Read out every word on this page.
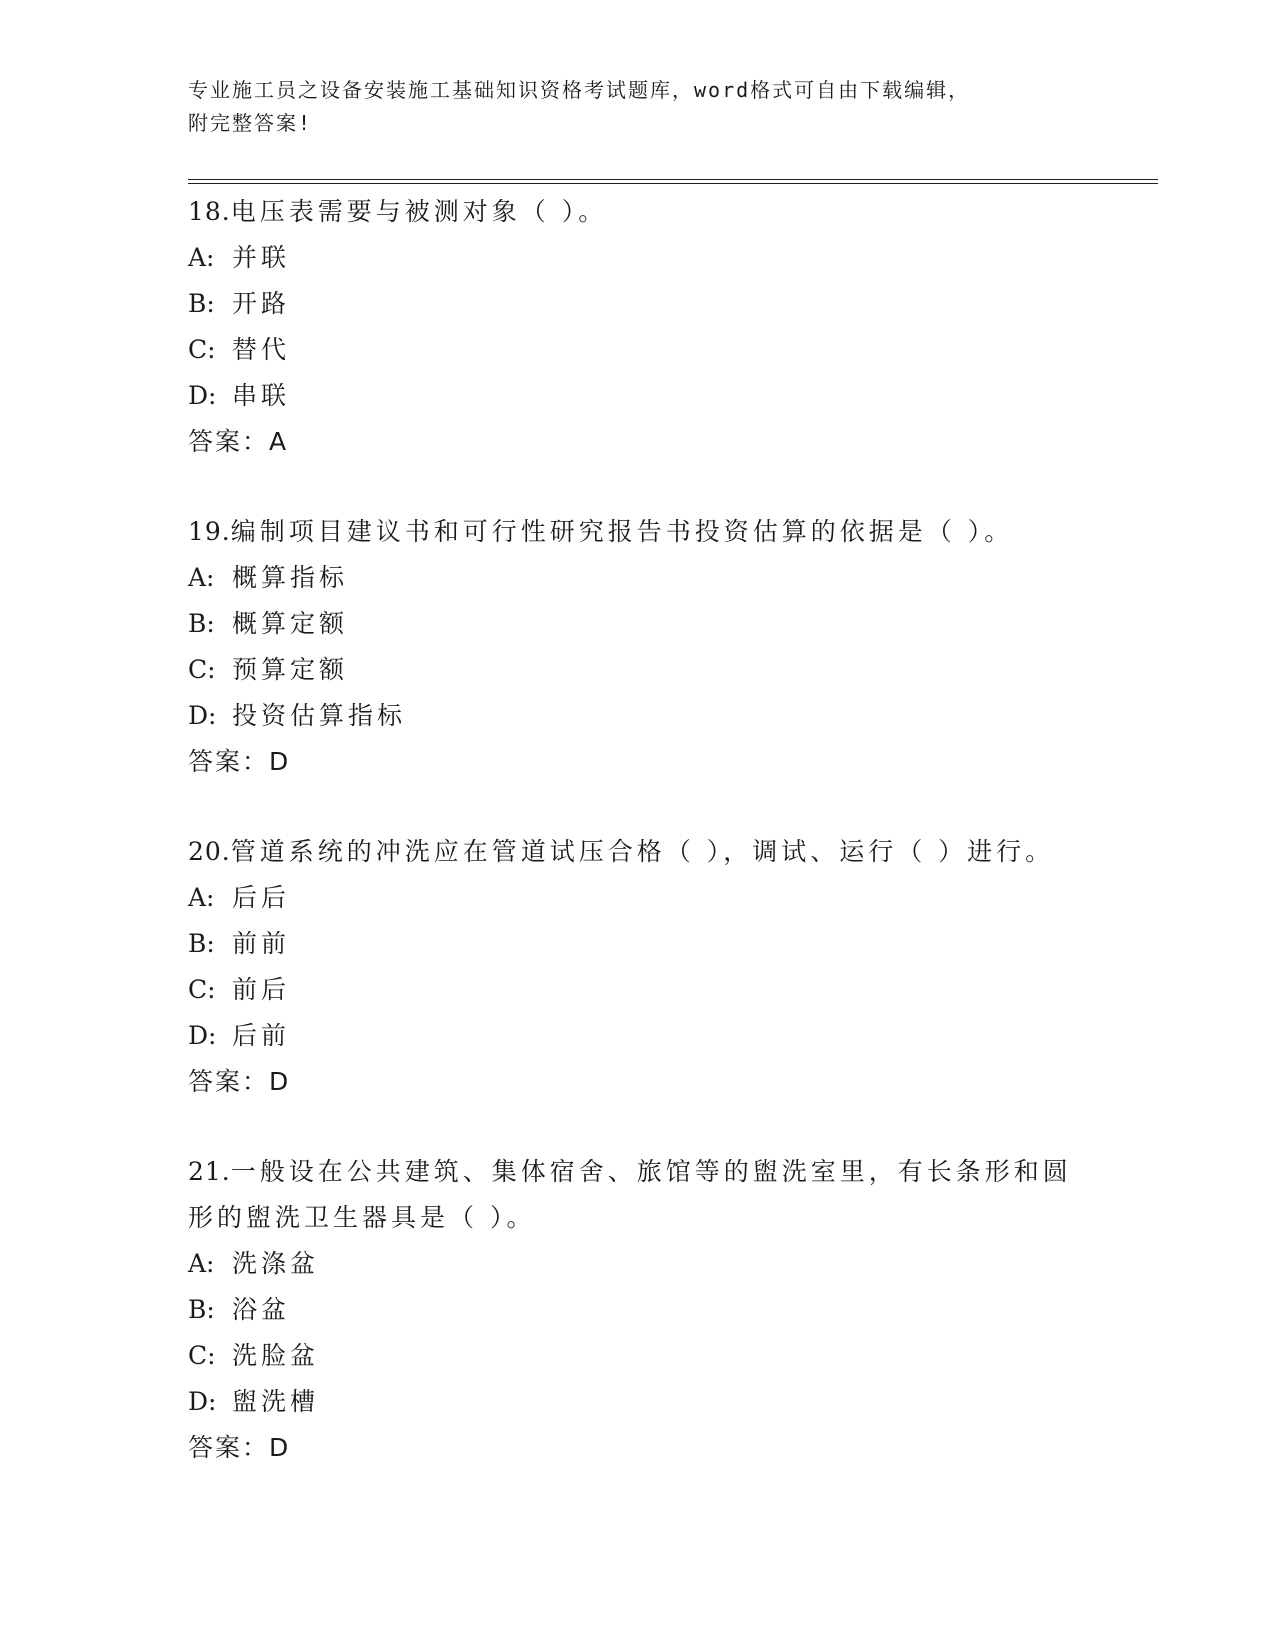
专业施工员之设备安装施工基础知识资格考试题库，word格式可自由下载编辑，
附完整答案!
18.电压表需要与被测对象（ ）。
A: 并联
B: 开路
C: 替代
D: 串联
答案：A
19.编制项目建议书和可行性研究报告书投资估算的依据是（ ）。
A: 概算指标
B: 概算定额
C: 预算定额
D: 投资估算指标
答案：D
20.管道系统的冲洗应在管道试压合格（ ），调试、运行（ ）进行。
A: 后后
B: 前前
C: 前后
D: 后前
答案：D
21.一般设在公共建筑、集体宿舍、旅馆等的盥洗室里，有长条形和圆
形的盥洗卫生器具是（ ）。
A: 洗涤盆
B: 浴盆
C: 洗脸盆
D: 盥洗槽
答案：D
